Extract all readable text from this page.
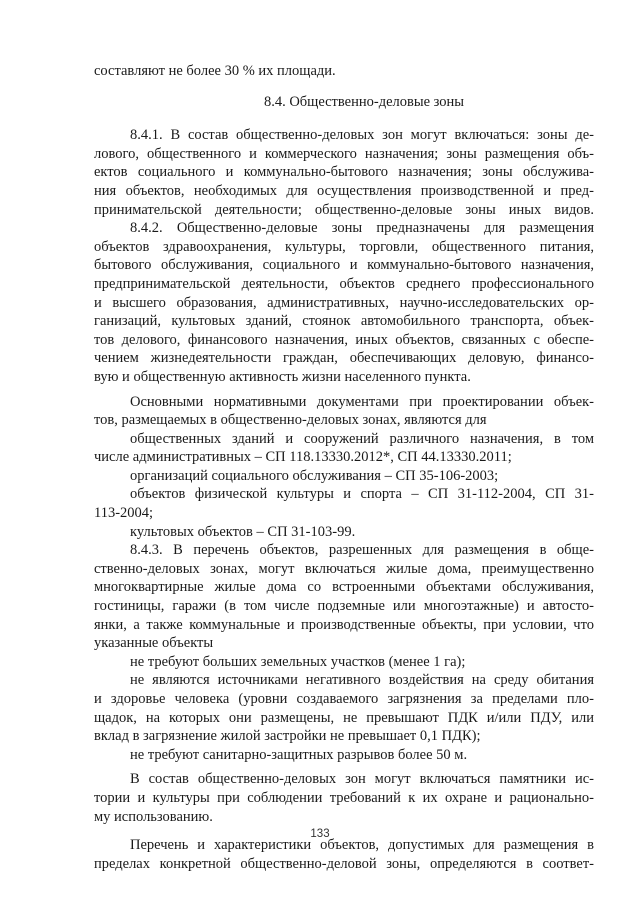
составляют не более 30 % их площади.
8.4. Общественно-деловые зоны
8.4.1. В состав общественно-деловых зон могут включаться: зоны де-
лового, общественного и коммерческого назначения; зоны размещения объ-
ектов социального и коммунально-бытового назначения; зоны обслужива-
ния объектов, необходимых для осуществления производственной и пред-
принимательской деятельности; общественно-деловые зоны иных видов.
8.4.2. Общественно-деловые зоны предназначены для размещения
объектов здравоохранения, культуры, торговли, общественного питания,
бытового обслуживания, социального и коммунально-бытового назначения,
предпринимательской деятельности, объектов среднего профессионального
и высшего образования, административных, научно-исследовательских ор-
ганизаций, культовых зданий, стоянок автомобильного транспорта, объек-
тов делового, финансового назначения, иных объектов, связанных с обеспе-
чением жизнедеятельности граждан, обеспечивающих деловую, финансо-
вую и общественную активность жизни населенного пункта.
Основными нормативными документами при проектировании объек-
тов, размещаемых в общественно-деловых зонах, являются для
общественных зданий и сооружений различного назначения, в том
числе административных – СП 118.13330.2012*, СП 44.13330.2011;
организаций социального обслуживания – СП 35-106-2003;
объектов физической культуры и спорта – СП 31-112-2004, СП 31-
113-2004;
культовых объектов – СП 31-103-99.
8.4.3. В перечень объектов, разрешенных для размещения в обще-
ственно-деловых зонах, могут включаться жилые дома, преимущественно
многоквартирные жилые дома со встроенными объектами обслуживания,
гостиницы, гаражи (в том числе подземные или многоэтажные) и автосто-
янки, а также коммунальные и производственные объекты, при условии, что
указанные объекты
не требуют больших земельных участков (менее 1 га);
не являются источниками негативного воздействия на среду обитания
и здоровье человека (уровни создаваемого загрязнения за пределами пло-
щадок, на которых они размещены, не превышают ПДК и/или ПДУ, или
вклад в загрязнение жилой застройки не превышает 0,1 ПДК);
не требуют санитарно-защитных разрывов более 50 м.
В состав общественно-деловых зон могут включаться памятники ис-
тории и культуры при соблюдении требований к их охране и рационально-
му использованию.
Перечень и характеристики объектов, допустимых для размещения в
пределах конкретной общественно-деловой зоны, определяются в соответ-
133
